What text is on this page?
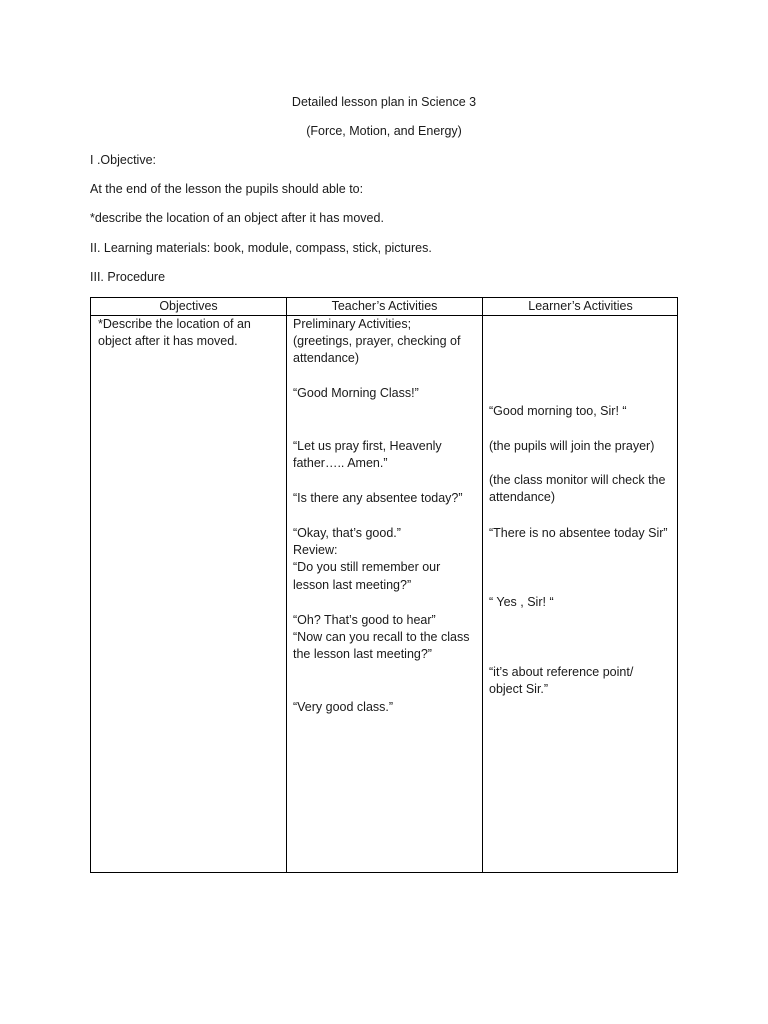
Detailed lesson plan in Science 3
(Force, Motion, and Energy)
I .Objective:
At the end of the lesson the pupils should able to:
*describe the location of an object after it has moved.
II. Learning materials: book, module, compass, stick, pictures.
III. Procedure
Objectives	Teacher’s Activities	Learner’s Activities
*Describe the location of an
object after it has moved.
Preliminary Activities;
(greetings, prayer, checking of
attendance)
“Good Morning Class!”
“Let us pray first, Heavenly
father….. Amen.”
“Is there any absentee today?”
“Okay, that’s good.”
Review:
“Do you still remember our
lesson last meeting?”
“Oh? That’s good to hear”
“Now can you recall to the class
the lesson last meeting?”
“Very good class.”
“Good morning too, Sir! “
(the pupils will join the prayer)
(the class monitor will check the
attendance)
“There is no absentee today Sir”
“ Yes , Sir! “
“it’s about reference point/
object Sir.”
